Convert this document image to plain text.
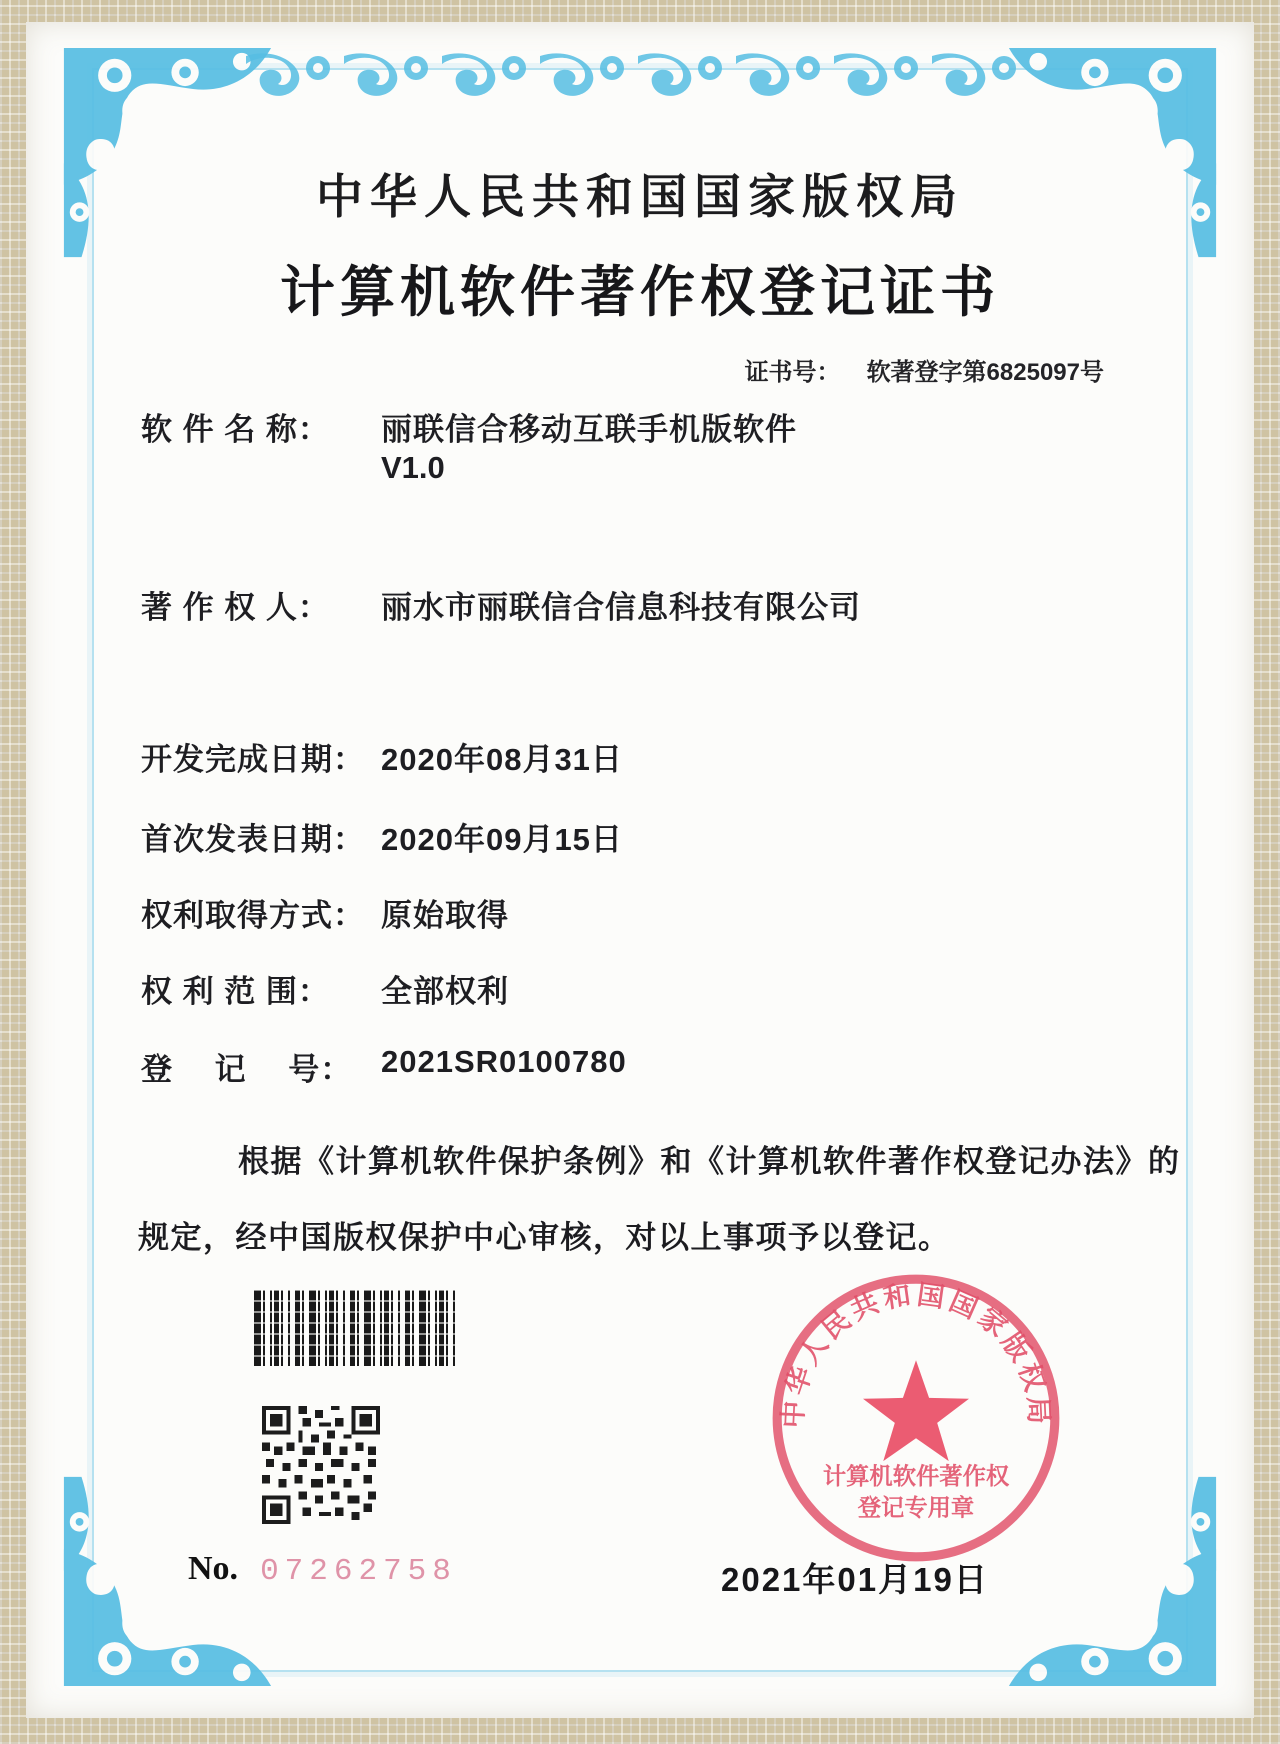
中华人民共和国国家版权局
计算机软件著作权登记证书
证书号： 软著登字第6825097号
软 件 名 称：	丽联信合移动互联手机版软件
V1.0
著 作 权 人：	丽水市丽联信合信息科技有限公司
开发完成日期： 2020年08月31日
首次发表日期： 2020年09月15日
权利取得方式： 原始取得
权 利 范 围：	全部权利
登　 记　 号： 2021SR0100780
根据《计算机软件保护条例》和《计算机软件著作权登记办法》的
规定，经中国版权保护中心审核，对以上事项予以登记。
中华人民共和国国家版权局
计算机软件著作权
登记专用章
No. 07262758	2021年01月19日
